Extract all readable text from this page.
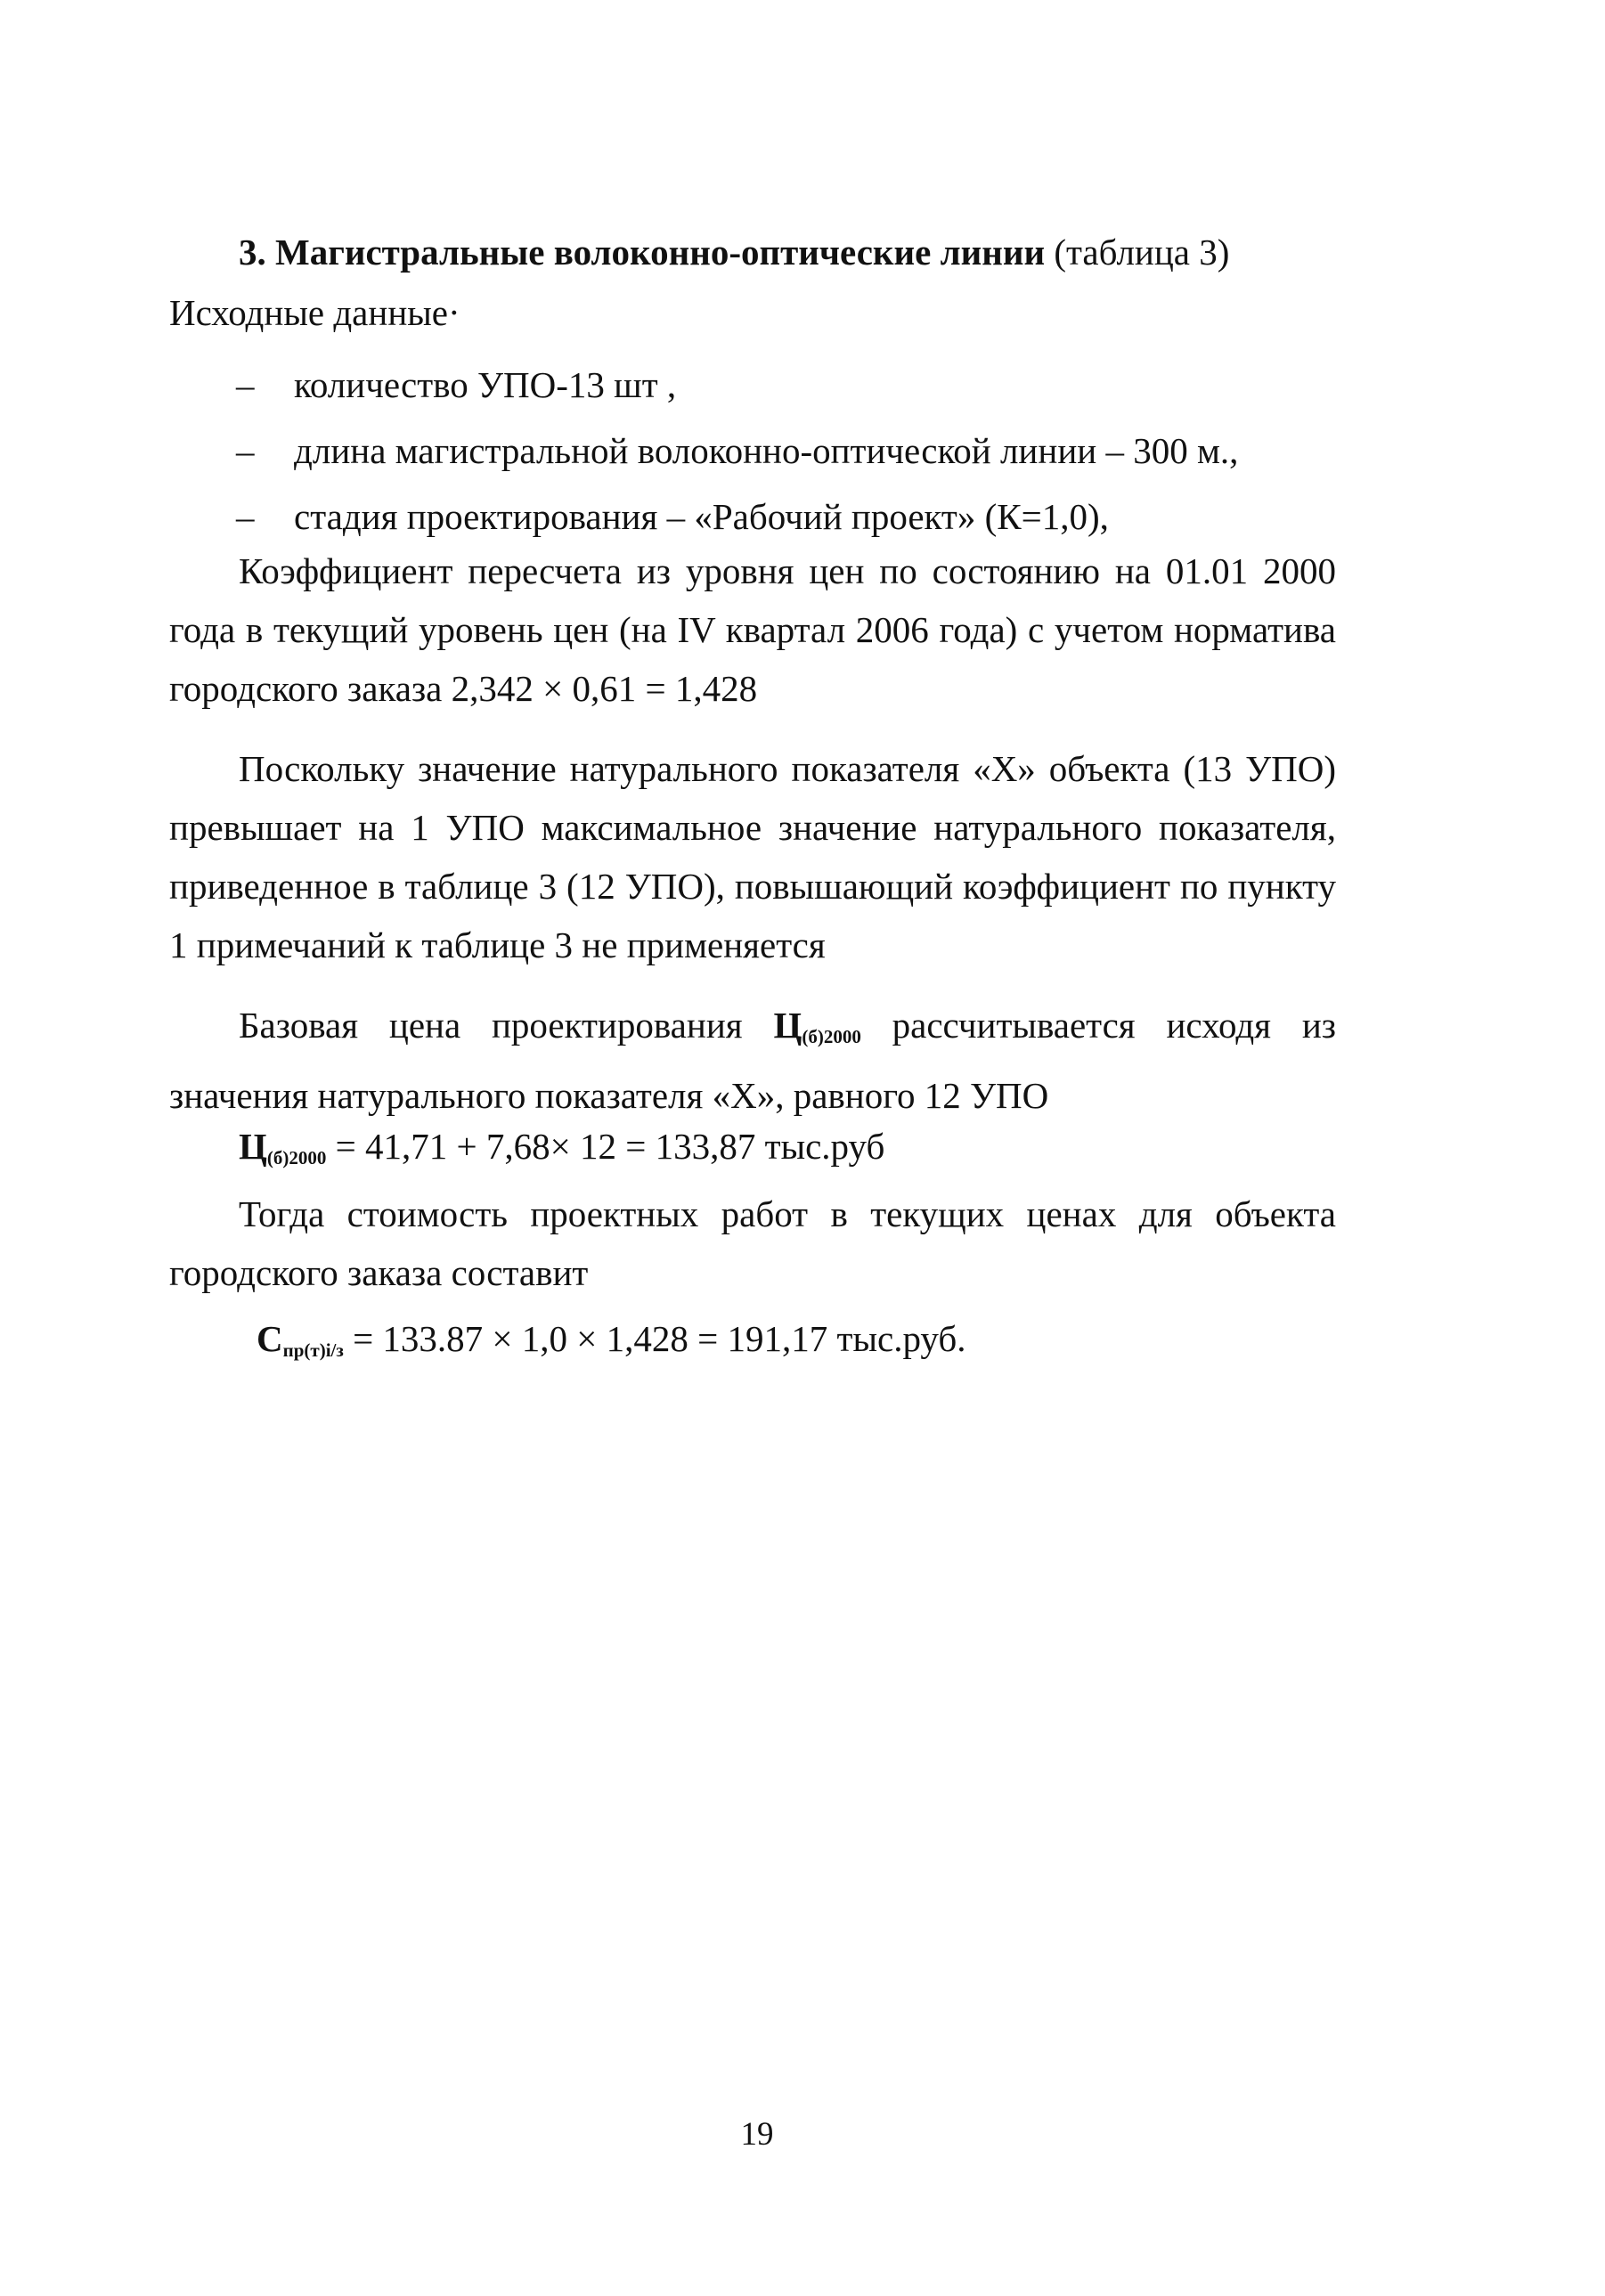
3. Магистральные волоконно-оптические линии (таблица 3)
Исходные данные·
– количество УПО-13 шт ,
– длина магистральной волоконно-оптической линии – 300 м.,
– стадия проектирования – «Рабочий проект» (К=1,0),

Коэффициент пересчета из уровня цен по состоянию на 01.01 2000 года в текущий уровень цен (на IV квартал 2006 года) с учетом норматива городского заказа 2,342 × 0,61 = 1,428

Поскольку значение натурального показателя «Х» объекта (13 УПО) превышает на 1 УПО максимальное значение натурального показателя, приведенное в таблице 3 (12 УПО), повышающий коэффициент по пункту 1 примечаний к таблице 3 не применяется

Базовая цена проектирования $Ц_{(б)2000}$ рассчитывается исходя из значения натурального показателя «Х», равного 12 УПО

$Ц_{(б)2000} = 41,71 + 7,68\times 12 = 133,87$ тыс.руб

Тогда стоимость проектных работ в текущих ценах для объекта городского заказа составит

$С_{пр(т)і/з} = 133.87 \times 1,0 \times 1,428 = 191,17$ тыс.руб.
19
